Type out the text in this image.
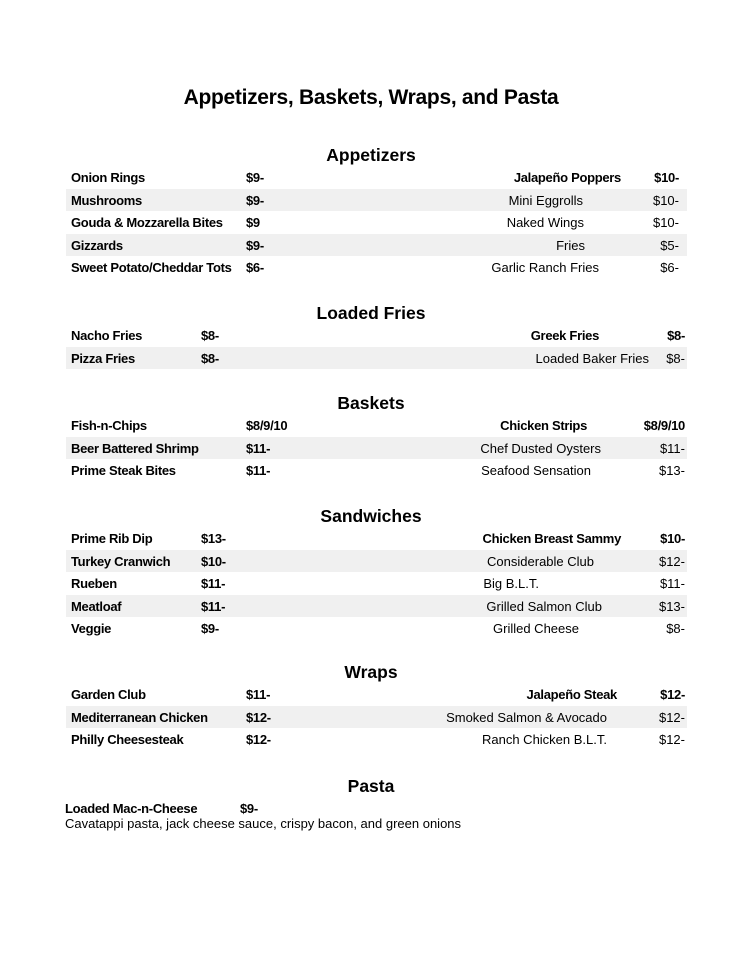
Appetizers, Baskets, Wraps, and Pasta
Appetizers
Onion Rings	$9-	Jalapeño Poppers	$10-
Mushrooms	$9-	Mini Eggrolls	$10-
Gouda & Mozzarella Bites $9	Naked Wings	$10-
Gizzards	$9-	Fries	$5-
Sweet Potato/Cheddar Tots $6-	Garlic Ranch Fries	$6-
Loaded Fries
Nacho Fries	$8-	Greek Fries	$8-
Pizza Fries	$8-	Loaded Baker Fries $8-
Baskets
Fish-n-Chips	$8/9/10	Chicken Strips	$8/9/10
Beer Battered Shrimp	$11-	Chef Dusted Oysters	$11-
Prime Steak Bites	$11-	Seafood Sensation	$13-
Sandwiches
Prime Rib Dip	$13-	Chicken Breast Sammy	$10-
Turkey Cranwich $10-	Considerable Club	$12-
Rueben	$11-	Big B.L.T.	$11-
Meatloaf	$11-	Grilled Salmon Club	$13-
Veggie	$9-	Grilled Cheese	$8-
Wraps
Garden Club	$11-	Jalapeño Steak	$12-
Mediterranean Chicken	$12-	Smoked Salmon & Avocado	$12-
Philly Cheesesteak	$12-	Ranch Chicken B.L.T.	$12-
Pasta
Loaded Mac-n-Cheese	$9-
Cavatappi pasta, jack cheese sauce, crispy bacon, and green onions
